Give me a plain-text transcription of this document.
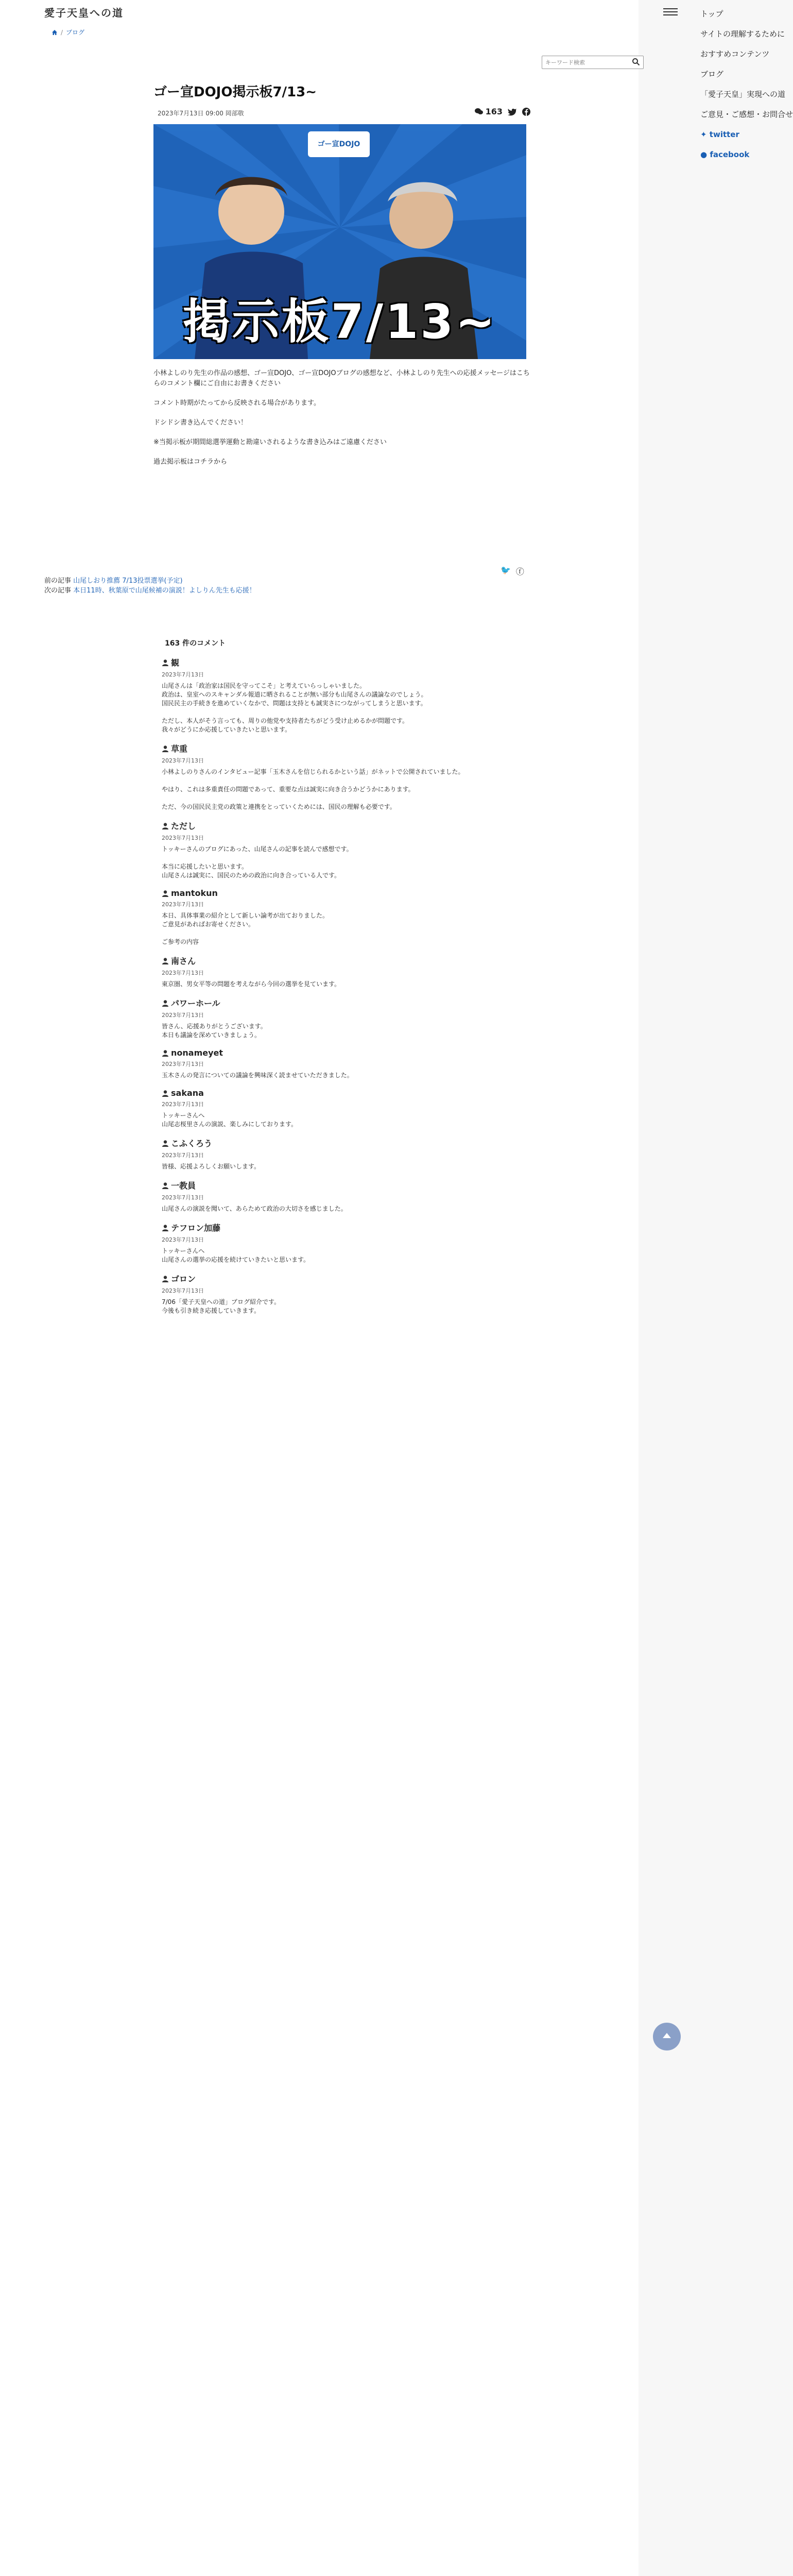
愛子天皇への道
/ ブログ
キーワード検索
トップ
サイトの理解するために
おすすめコンテンツ
ブログ
「愛子天皇」実現への道
ご意見・ご感想・お問合せ
✦ twitter
● facebook
ゴー宣DOJO掲示板7/13~
2023年7月13日 09:00 岡部敬	163
ゴー宣DOJO
掲示板7/13~

小林よしのり先生の作品の感想、ゴー宣DOJO、ゴー宣DOJOブログの感想など、小林よしのり先生への応援メッセージはこちらのコメント欄にご自由にお書きください

コメント時期がたってから反映される場合があります。

ドシドシ書き込んでください！

※当掲示板が期間総選挙運動と勘違いされるような書き込みはご遠慮ください

過去掲示板はコチラから

🐦 ⓕ
前の記事 山尾しおり推薦 7/13投票選挙(予定)
次の記事 本日11時、秋葉原で山尾候補の演説！よしりん先生も応援！
163 件のコメント
観
2023年7月13日
山尾さんは「政治家は国民を守ってこそ」と考えていらっしゃいました。
政治は、皇室へのスキャンダル報道に晒されることが無い部分も山尾さんの議論なのでしょう。
国民民主の手続きを進めていくなかで、問題は支持とも誠実さにつながってしまうと思います。

ただし、本人がそう言っても、周りの他党や支持者たちがどう受け止めるかが問題です。
我々がどうにか応援していきたいと思います。
草重
2023年7月13日
小林よしのりさんのインタビュー記事「玉木さんを信じられるかという話」がネットで公開されていました。

やはり、これは多重責任の問題であって、重要な点は誠実に向き合うかどうかにあります。

ただ、今の国民民主党の政策と連携をとっていくためには、国民の理解も必要です。
ただし
2023年7月13日
トッキーさんのブログにあった、山尾さんの記事を読んで感想です。

本当に応援したいと思います。
山尾さんは誠実に、国民のための政治に向き合っている人です。
mantokun
2023年7月13日
本日、具体事業の紹介として新しい論考が出ておりました。
ご意見があればお寄せください。

ご参考の内容
南さん
2023年7月13日
東京圏、男女平等の問題を考えながら今回の選挙を見ています。
パワーホール
2023年7月13日
皆さん、応援ありがとうございます。
本日も議論を深めていきましょう。
nonameyet
2023年7月13日
玉木さんの発言についての議論を興味深く読ませていただきました。
sakana
2023年7月13日
トッキーさんへ
山尾志桜里さんの演説、楽しみにしております。
こふくろう
2023年7月13日
皆様、応援よろしくお願いします。
一教員
2023年7月13日
山尾さんの演説を聞いて、あらためて政治の大切さを感じました。
テフロン加藤
2023年7月13日
トッキーさんへ
山尾さんの選挙の応援を続けていきたいと思います。
ゴロン
2023年7月13日
7/06「愛子天皇への道」ブログ紹介です。
今後も引き続き応援していきます。
